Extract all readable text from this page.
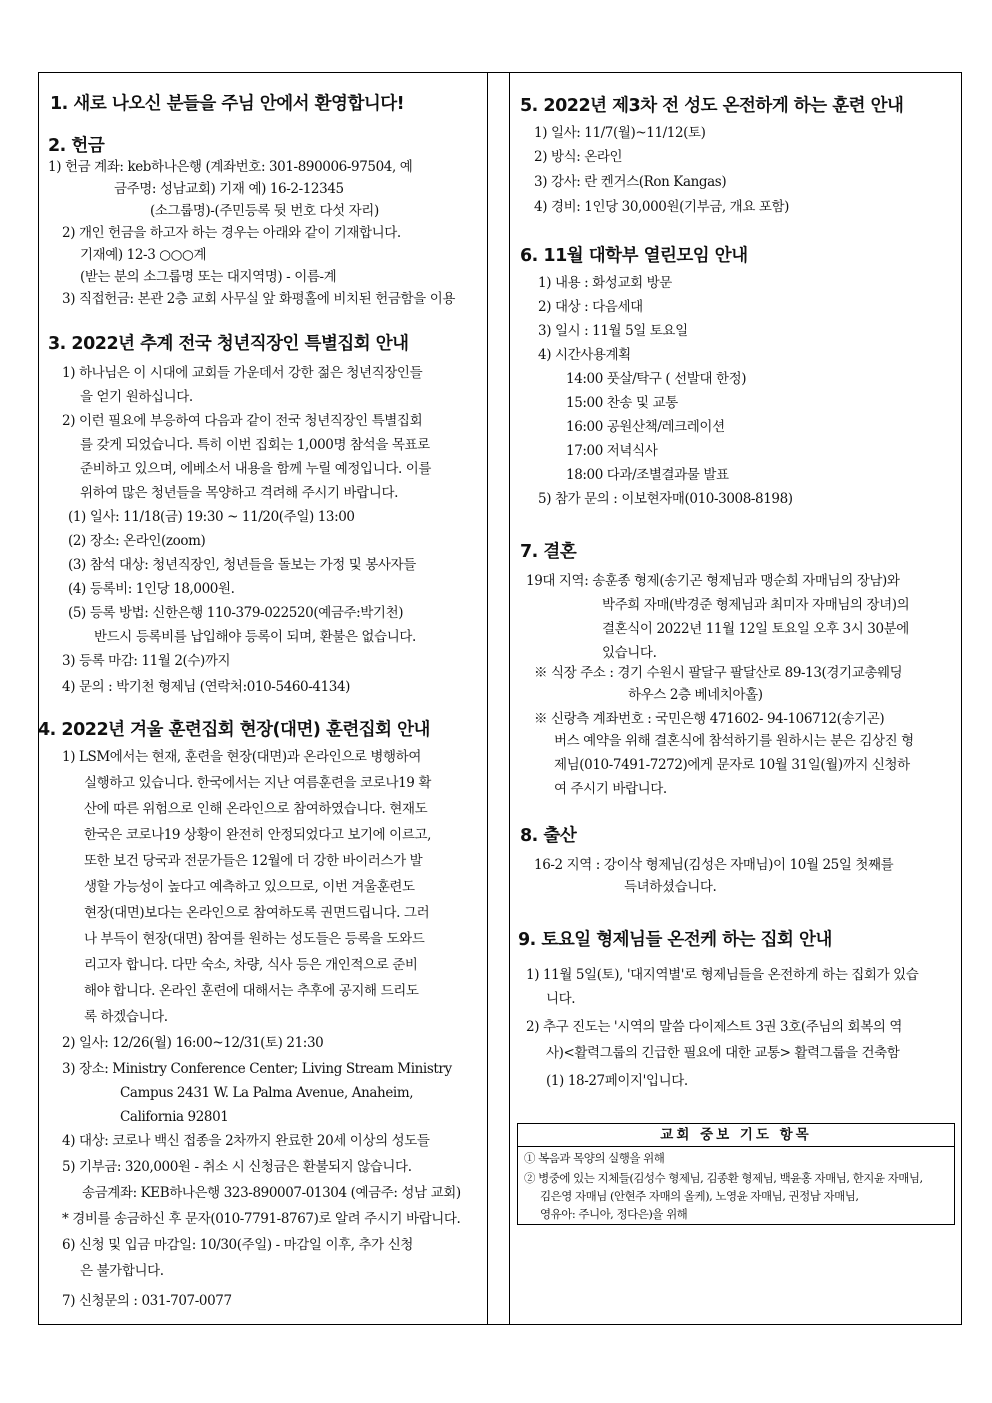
1. 새로 나오신 분들을 주님 안에서 환영합니다!
2. 헌금
1) 헌금 계좌: keb하나은행 (계좌번호: 301-890006-97504, 예
금주명: 성남교회) 기재 예) 16-2-12345
(소그룹명)-(주민등록 뒷 번호 다섯 자리)
2) 개인 헌금을 하고자 하는 경우는 아래와 같이 기재합니다.
기재예) 12-3 ○○○계
(받는 분의 소그룹명 또는 대지역명) - 이름-계
3) 직접헌금: 본관 2층 교회 사무실 앞 화평홀에 비치된 헌금함을 이용
3. 2022년 추계 전국 청년직장인 특별집회 안내
1) 하나님은 이 시대에 교회들 가운데서 강한 젊은 청년직장인들
을 얻기 원하십니다.
2) 이런 필요에 부응하여 다음과 같이 전국 청년직장인 특별집회
를 갖게 되었습니다. 특히 이번 집회는 1,000명 참석을 목표로
준비하고 있으며, 에베소서 내용을 함께 누릴 예정입니다. 이를
위하여 많은 청년들을 목양하고 격려해 주시기 바랍니다.
(1) 일사: 11/18(금) 19:30 ~ 11/20(주일) 13:00
(2) 장소: 온라인(zoom)
(3) 참석 대상: 청년직장인, 청년들을 돌보는 가정 및 봉사자들
(4) 등록비: 1인당 18,000원.
(5) 등록 방법: 신한은행 110-379-022520(예금주:박기천)
반드시 등록비를 납입해야 등록이 되며, 환불은 없습니다.
3) 등록 마감: 11월 2(수)까지
4) 문의 : 박기천 형제님 (연락처:010-5460-4134)
4. 2022년 겨울 훈련집회 현장(대면) 훈련집회 안내
1) LSM에서는 현재, 훈련을 현장(대면)과 온라인으로 병행하여
실행하고 있습니다. 한국에서는 지난 여름훈련을 코로나19 확
산에 따른 위험으로 인해 온라인으로 참여하였습니다. 현재도
한국은 코로나19 상황이 완전히 안정되었다고 보기에 이르고,
또한 보건 당국과 전문가들은 12월에 더 강한 바이러스가 발
생할 가능성이 높다고 예측하고 있으므로, 이번 겨울훈련도
현장(대면)보다는 온라인으로 참여하도록 권면드립니다. 그러
나 부득이 현장(대면) 참여를 원하는 성도들은 등록을 도와드
리고자 합니다. 다만 숙소, 차량, 식사 등은 개인적으로 준비
해야 합니다. 온라인 훈련에 대해서는 추후에 공지해 드리도
록 하겠습니다.
2) 일사: 12/26(월) 16:00~12/31(토) 21:30
3) 장소: Ministry Conference Center; Living Stream Ministry
Campus 2431 W. La Palma Avenue, Anaheim,
California 92801
4) 대상: 코로나 백신 접종을 2차까지 완료한 20세 이상의 성도들
5) 기부금: 320,000원 - 취소 시 신청금은 환불되지 않습니다.
송금계좌: KEB하나은행 323-890007-01304 (예금주: 성남 교회)
* 경비를 송금하신 후 문자(010-7791-8767)로 알려 주시기 바랍니다.
6) 신청 및 입금 마감일: 10/30(주일) - 마감일 이후, 추가 신청
은 불가합니다.
7) 신청문의 : 031-707-0077
5. 2022년 제3차 전 성도 온전하게 하는 훈련 안내
1) 일사: 11/7(월)~11/12(토)
2) 방식: 온라인
3) 강사: 란 켄거스(Ron Kangas)
4) 경비: 1인당 30,000원(기부금, 개요 포함)
6. 11월 대학부 열린모임 안내
1) 내용 : 화성교회 방문
2) 대상 : 다음세대
3) 일시 : 11월 5일 토요일
4) 시간사용계획
14:00 풋살/탁구 ( 선발대 한정)
15:00 찬송 및 교통
16:00 공원산책/레크레이션
17:00 저녁식사
18:00 다과/조별결과물 발표
5) 참가 문의 : 이보현자매(010-3008-8198)
7. 결혼
19대 지역: 송훈종 형제(송기곤 형제님과 맹순희 자매님의 장남)와
박주희 자매(박경준 형제님과 최미자 자매님의 장녀)의
결혼식이 2022년 11월 12일 토요일 오후 3시 30분에
있습니다.
※ 식장 주소 : 경기 수원시 팔달구 팔달산로 89-13(경기교총웨딩
하우스 2층 베네치아홀)
※ 신랑측 계좌번호 : 국민은행 471602- 94-106712(송기곤)
버스 예약을 위해 결혼식에 참석하기를 원하시는 분은 김상진 형
제님(010-7491-7272)에게 문자로 10월 31일(월)까지 신청하
여 주시기 바랍니다.
8. 출산
16-2 지역 : 강이삭 형제님(김성은 자매님)이 10월 25일 첫째를
득녀하셨습니다.
9. 토요일 형제님들 온전케 하는 집회 안내
1) 11월 5일(토), '대지역별'로 형제님들을 온전하게 하는 집회가 있습
니다.
2) 추구 진도는 '시역의 말씀 다이제스트 3권 3호(주님의 회복의 역
사)<활력그룹의 긴급한 필요에 대한 교통> 활력그룹을 건축함
(1) 18-27페이지'입니다.
교회 중보 기도 항목
① 복음과 목양의 실행을 위해
② 병중에 있는 지체들(김성수 형제님, 김종환 형제님, 백윤홍 자매님, 한지윤 자매님,
김은영 자매님 (안현주 자매의 올케), 노영윤 자매님, 권정남 자매님,
영유아: 주니아, 정다은)을 위해
